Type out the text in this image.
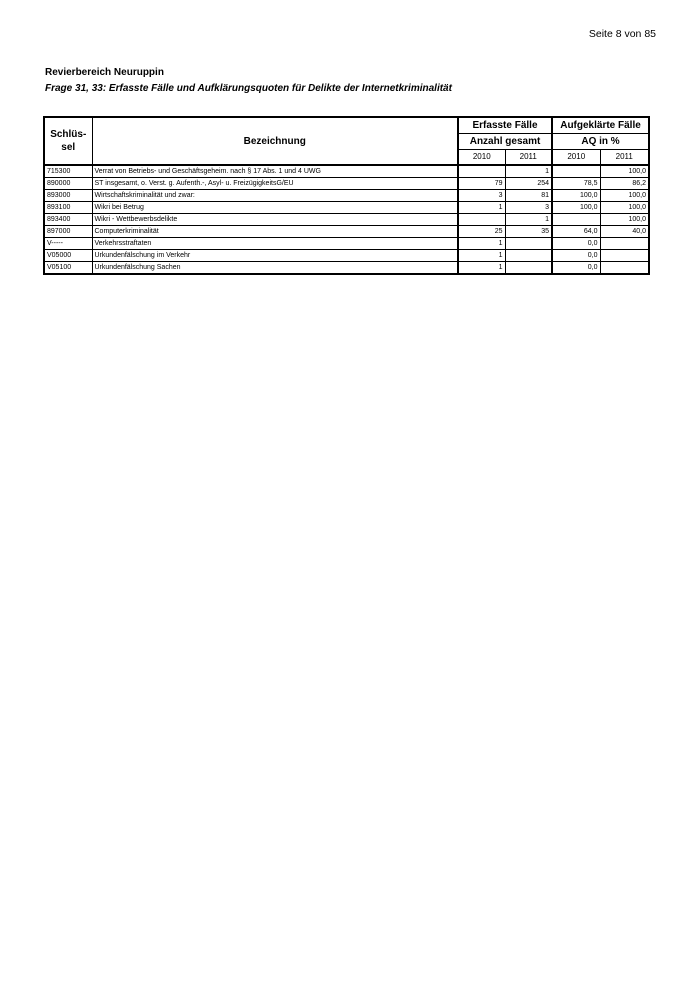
Seite 8 von 85
Revierbereich Neuruppin
Frage 31, 33: Erfasste Fälle und Aufklärungsquoten für Delikte der Internetkriminalität
Schlüs-
sel	Bezeichnung	Erfasste Fälle		Aufgeklärte Fälle	
		Anzahl gesamt		AQ in %	
		2010	2011	2010	2011
715300	Verrat von Betriebs- und Geschäftsgeheim. nach § 17 Abs. 1 und 4 UWG		1		100,0
890000	ST insgesamt, o. Verst. g. Aufenth.-, Asyl- u. FreizügigkeitsG/EU	79	254	78,5	86,2
893000	Wirtschaftskriminalität und zwar:	3	81	100,0	100,0
893100	Wikri bei Betrug	1	3	100,0	100,0
893400	Wikri - Wettbewerbsdelikte		1		100,0
897000	Computerkriminalität	25	35	64,0	40,0
V-----	Verkehrsstraftaten	1		0,0	
V05000	Urkundenfälschung im Verkehr	1		0,0	
V05100	Urkundenfälschung Sachen	1		0,0	
